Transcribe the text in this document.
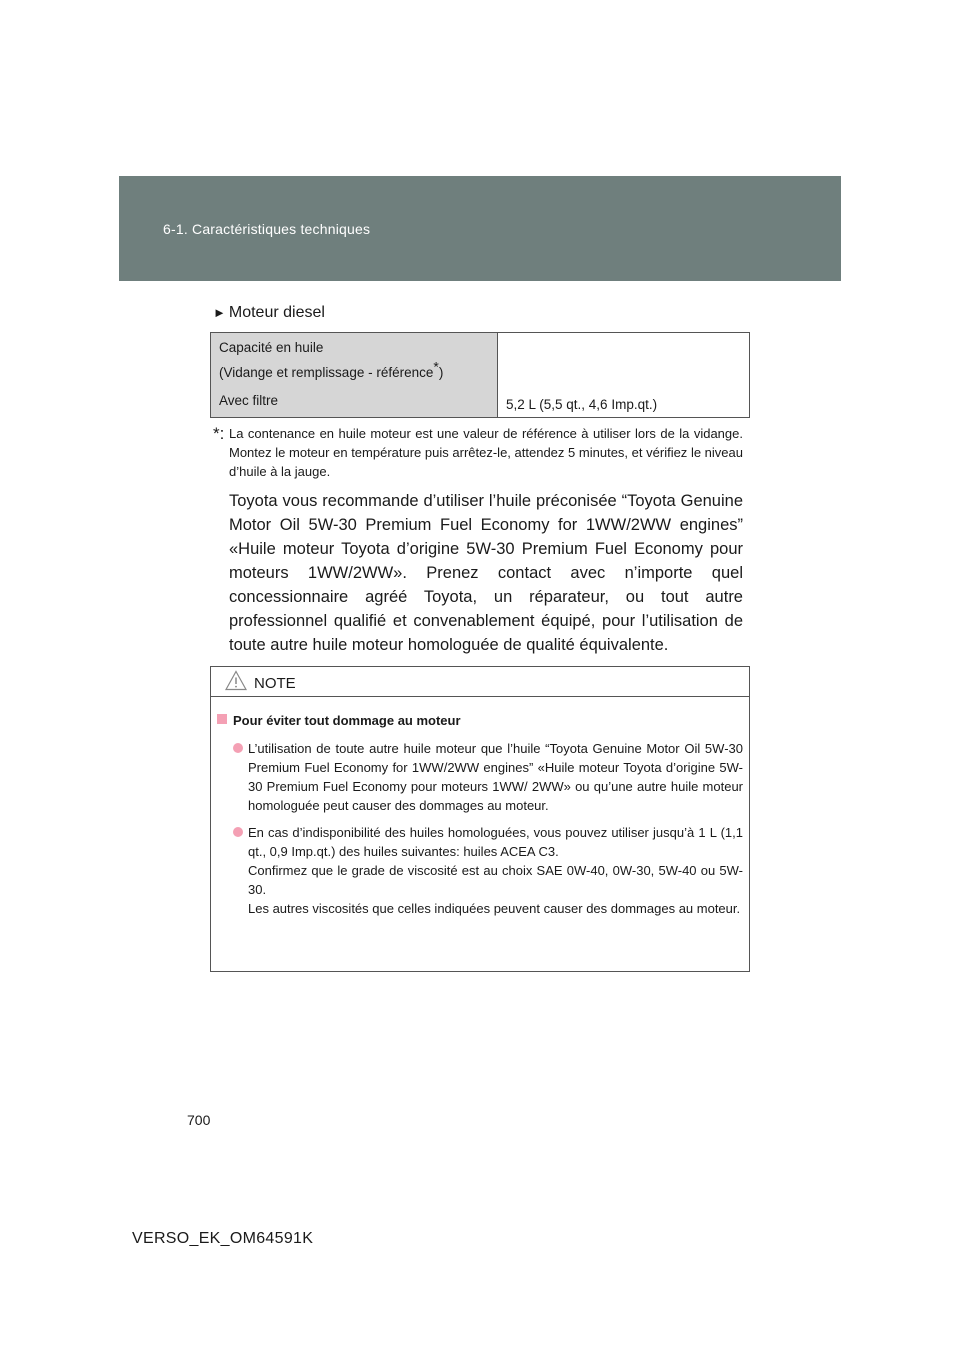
6-1. Caractéristiques techniques
► Moteur diesel
Capacité en huile
(Vidange et remplissage - référence*)
Avec filtre	5,2 L (5,5 qt., 4,6 Imp.qt.)
*: La contenance en huile moteur est une valeur de référence à utiliser lors de la vidange. Montez le moteur en température puis arrêtez-le, attendez 5 minutes, et vérifiez le niveau d’huile à la jauge.

Toyota vous recommande d’utiliser l’huile préconisée “Toyota Genuine Motor Oil 5W-30 Premium Fuel Economy for 1WW/2WW engines” «Huile moteur Toyota d’origine 5W-30 Premium Fuel Economy pour moteurs 1WW/2WW». Prenez contact avec n’importe quel concessionnaire agréé Toyota, un réparateur, ou tout autre professionnel qualifié et convenablement équipé, pour l’utilisation de toute autre huile moteur homologuée de qualité équivalente.

NOTE
Pour éviter tout dommage au moteur
L’utilisation de toute autre huile moteur que l’huile “Toyota Genuine Motor Oil 5W-30 Premium Fuel Economy for 1WW/2WW engines” «Huile moteur Toyota d’origine 5W-30 Premium Fuel Economy pour moteurs 1WW/ 2WW» ou qu’une autre huile moteur homologuée peut causer des dommages au moteur.
En cas d’indisponibilité des huiles homologuées, vous pouvez utiliser jusqu’à 1 L (1,1 qt., 0,9 Imp.qt.) des huiles suivantes: huiles ACEA C3.
Confirmez que le grade de viscosité est au choix SAE 0W-40, 0W-30, 5W-40 ou 5W-30.
Les autres viscosités que celles indiquées peuvent causer des dommages au moteur.
700
VERSO_EK_OM64591K
